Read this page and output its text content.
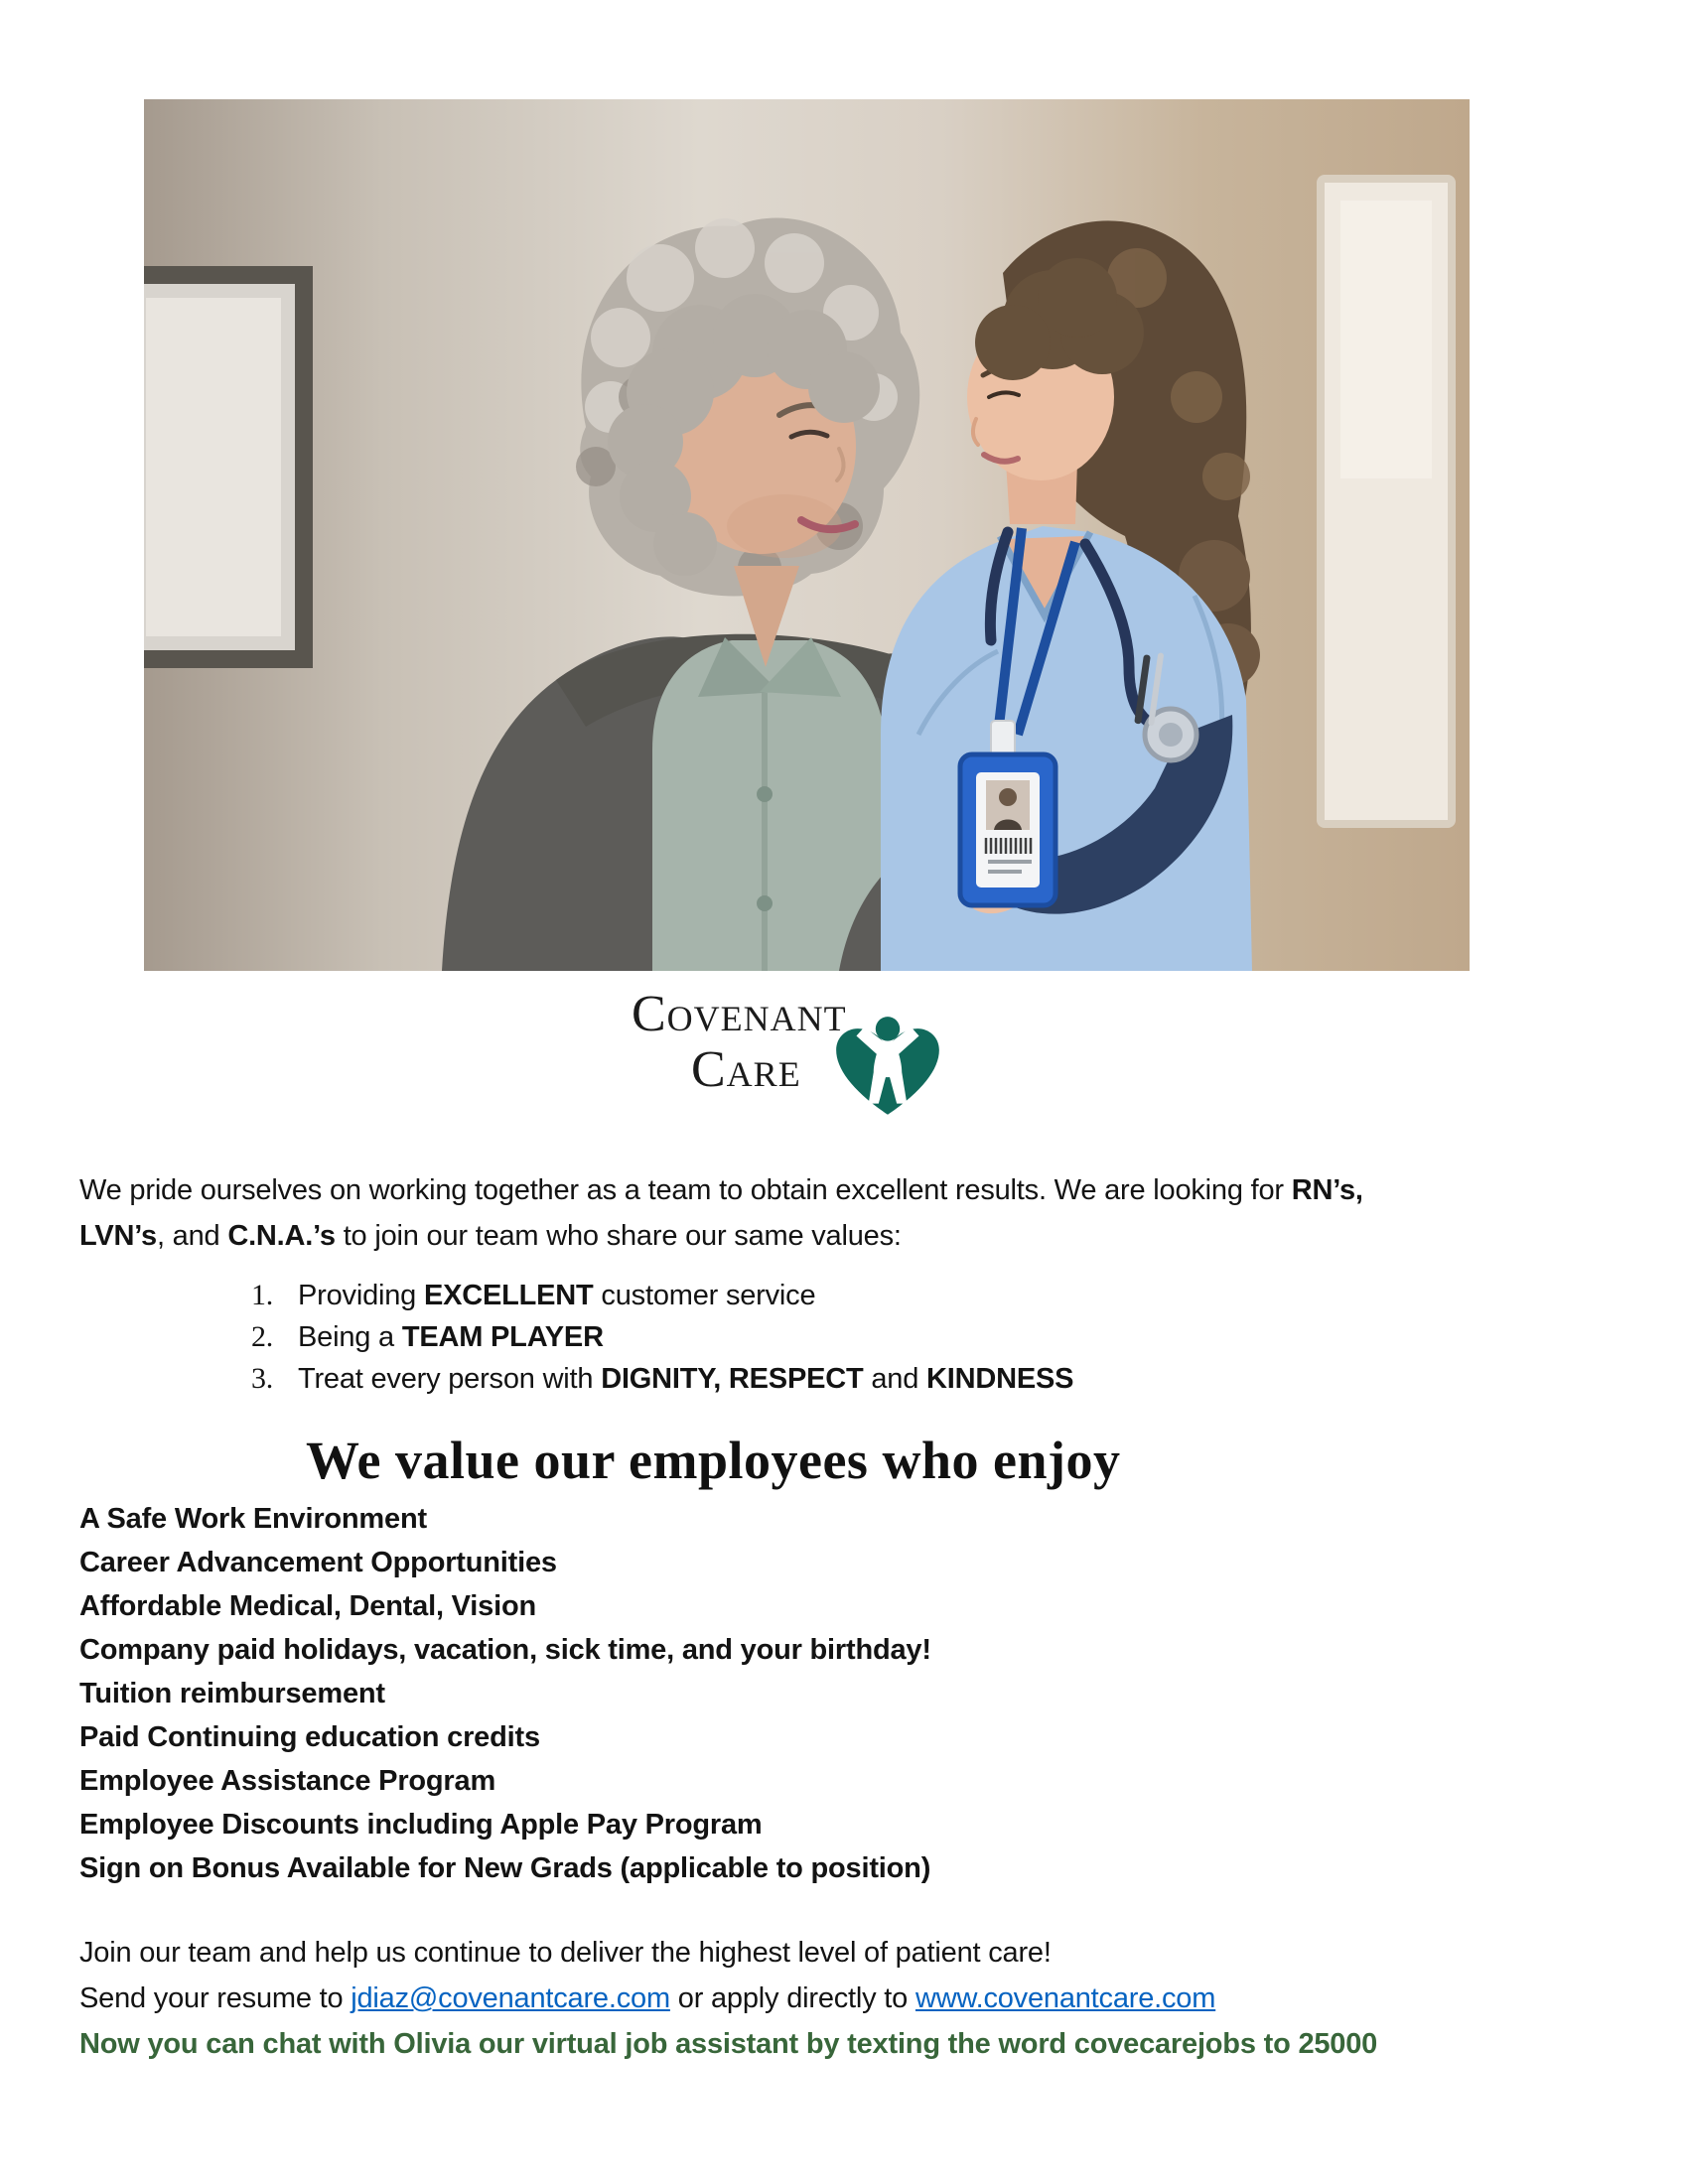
Covenant
Care
We pride ourselves on working together as a team to obtain excellent results. We are looking for RN’s,
LVN’s, and C.N.A.’s to join our team who share our same values:
1. Providing EXCELLENT customer service
2. Being a TEAM PLAYER
3. Treat every person with DIGNITY, RESPECT and KINDNESS
We value our employees who enjoy
A Safe Work Environment
Career Advancement Opportunities
Affordable Medical, Dental, Vision
Company paid holidays, vacation, sick time, and your birthday!
Tuition reimbursement
Paid Continuing education credits
Employee Assistance Program
Employee Discounts including Apple Pay Program
Sign on Bonus Available for New Grads (applicable to position)
Join our team and help us continue to deliver the highest level of patient care!
Send your resume to jdiaz@covenantcare.com or apply directly to www.covenantcare.com
Now you can chat with Olivia our virtual job assistant by texting the word covecarejobs to 25000
